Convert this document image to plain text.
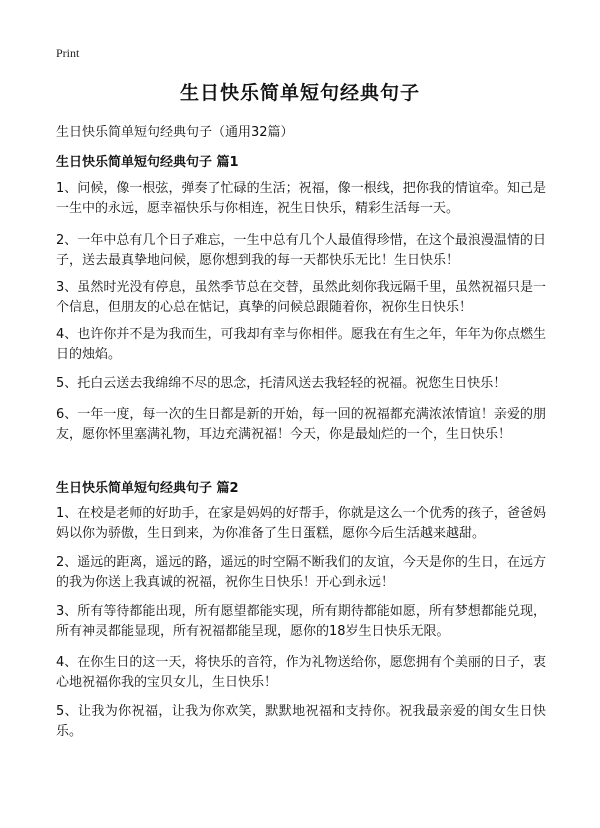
Print
生日快乐简单短句经典句子
生日快乐简单短句经典句子（通用32篇）
生日快乐简单短句经典句子 篇1

1、问候，像一根弦，弹奏了忙碌的生活；祝福，像一根线，把你我的情谊牵。知己是一生中的永远，愿幸福快乐与你相连，祝生日快乐，精彩生活每一天。

2、一年中总有几个日子难忘，一生中总有几个人最值得珍惜，在这个最浪漫温情的日子，送去最真挚地问候，愿你想到我的每一天都快乐无比！生日快乐！

3、虽然时光没有停息，虽然季节总在交替，虽然此刻你我远隔千里，虽然祝福只是一个信息，但朋友的心总在惦记，真挚的问候总跟随着你，祝你生日快乐！

4、也许你并不是为我而生，可我却有幸与你相伴。愿我在有生之年，年年为你点燃生日的烛焰。

5、托白云送去我绵绵不尽的思念，托清风送去我轻轻的祝福。祝您生日快乐！

6、一年一度，每一次的生日都是新的开始，每一回的祝福都充满浓浓情谊！亲爱的朋友，愿你怀里塞满礼物，耳边充满祝福！今天，你是最灿烂的一个，生日快乐！

生日快乐简单短句经典句子 篇2

1、在校是老师的好助手，在家是妈妈的好帮手，你就是这么一个优秀的孩子，爸爸妈妈以你为骄傲，生日到来，为你准备了生日蛋糕，愿你今后生活越来越甜。

2、遥远的距离，遥远的路，遥远的时空隔不断我们的友谊，今天是你的生日，在远方的我为你送上我真诚的祝福，祝你生日快乐！开心到永远！

3、所有等待都能出现，所有愿望都能实现，所有期待都能如愿，所有梦想都能兑现，所有神灵都能显现，所有祝福都能呈现，愿你的18岁生日快乐无限。

4、在你生日的这一天，将快乐的音符，作为礼物送给你，愿您拥有个美丽的日子，衷心地祝福你我的宝贝女儿，生日快乐！

5、让我为你祝福，让我为你欢笑，默默地祝福和支持你。祝我最亲爱的闺女生日快乐。
